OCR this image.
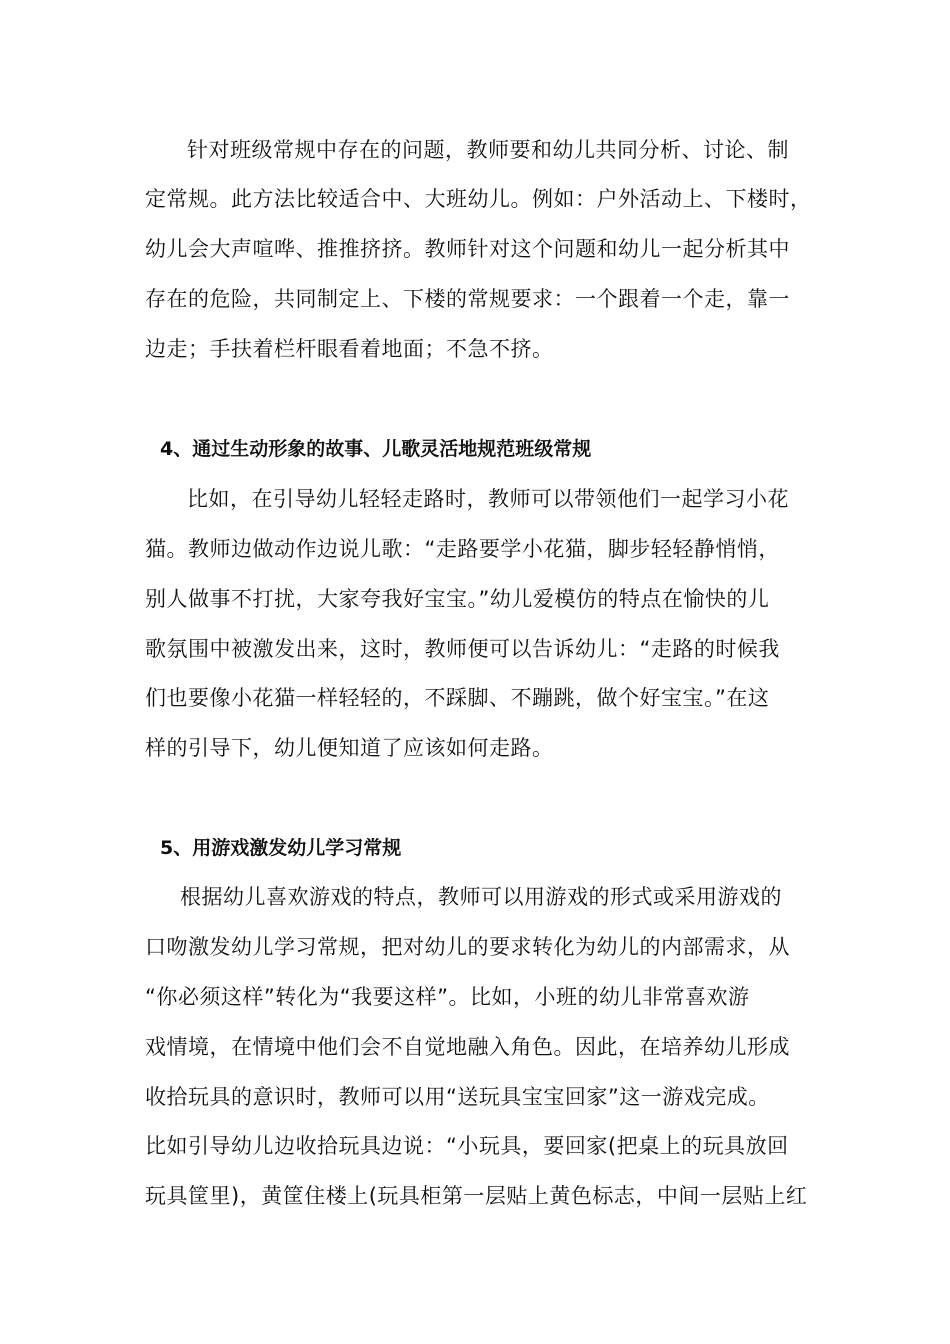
针对班级常规中存在的问题，教师要和幼儿共同分析、讨论、制
定常规。此方法比较适合中、大班幼儿。例如：户外活动上、下楼时，
幼儿会大声喧哗、推推挤挤。教师针对这个问题和幼儿一起分析其中
存在的危险，共同制定上、下楼的常规要求：一个跟着一个走，靠一
边走；手扶着栏杆眼看着地面；不急不挤。
4、通过生动形象的故事、儿歌灵活地规范班级常规
比如，在引导幼儿轻轻走路时，教师可以带领他们一起学习小花
猫。教师边做动作边说儿歌：“走路要学小花猫，脚步轻轻静悄悄，
别人做事不打扰，大家夸我好宝宝。”幼儿爱模仿的特点在愉快的儿
歌氛围中被激发出来，这时，教师便可以告诉幼儿：“走路的时候我
们也要像小花猫一样轻轻的，不踩脚、不蹦跳，做个好宝宝。”在这
样的引导下，幼儿便知道了应该如何走路。
5、用游戏激发幼儿学习常规
根据幼儿喜欢游戏的特点，教师可以用游戏的形式或采用游戏的
口吻激发幼儿学习常规，把对幼儿的要求转化为幼儿的内部需求，从
“你必须这样”转化为“我要这样”。比如，小班的幼儿非常喜欢游
戏情境，在情境中他们会不自觉地融入角色。因此，在培养幼儿形成
收拾玩具的意识时，教师可以用“送玩具宝宝回家”这一游戏完成。
比如引导幼儿边收拾玩具边说：“小玩具，要回家(把桌上的玩具放回
玩具筐里)，黄筐住楼上(玩具柜第一层贴上黄色标志，中间一层贴上红
